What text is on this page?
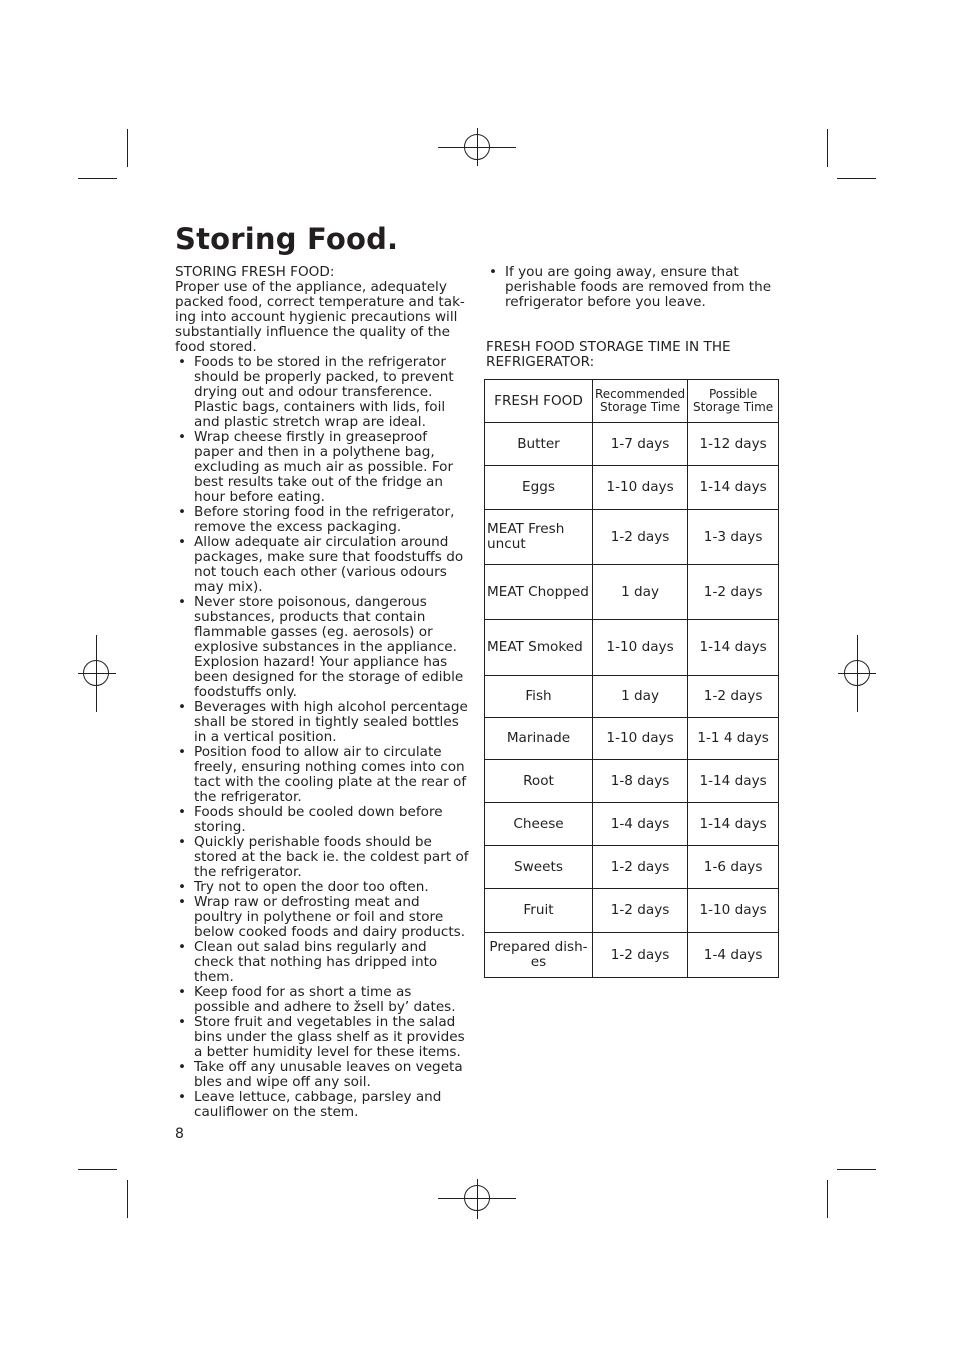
Storing Food.

STORING FRESH FOOD:

Proper use of the appliance, adequately packed food, correct temperature and tak-ing into account hygienic precautions will substantially influence the quality of the food stored.

• Foods to be stored in the refrigerator should be properly packed, to prevent drying out and odour transference. Plastic bags, containers with lids, foil and plastic stretch wrap are ideal.
• Wrap cheese firstly in greaseproof paper and then in a polythene bag, excluding as much air as possible. For best results take out of the fridge an hour before eating.
• Before storing food in the refrigerator, remove the excess packaging.
• Allow adequate air circulation around packages, make sure that foodstuffs do not touch each other (various odours may mix).
• Never store poisonous, dangerous substances, products that contain flammable gasses (eg. aerosols) or explosive substances in the appliance. Explosion hazard! Your appliance has been designed for the storage of edible foodstuffs only.
• Beverages with high alcohol percentage shall be stored in tightly sealed bottles in a vertical position.
• Position food to allow air to circulate freely, ensuring nothing comes into con tact with the cooling plate at the rear of the refrigerator.
• Foods should be cooled down before storing.
• Quickly perishable foods should be stored at the back ie. the coldest part of the refrigerator.
• Try not to open the door too often.
• Wrap raw or defrosting meat and poultry in polythene or foil and store below cooked foods and dairy products.
• Clean out salad bins regularly and check that nothing has dripped into them.
• Keep food for as short a time as possible and adhere to žsell by’ dates.
• Store fruit and vegetables in the salad bins under the glass shelf as it provides a better humidity level for these items.
• Take off any unusable leaves on vegeta bles and wipe off any soil.
• Leave lettuce, cabbage, parsley and cauliflower on the stem.
• If you are going away, ensure that perishable foods are removed from the refrigerator before you leave.
FRESH FOOD STORAGE TIME IN THE REFRIGERATOR:
FRESH FOOD	Recommended Storage Time	Possible Storage Time
Butter	1-7 days	1-12 days
Eggs	1-10 days	1-14 days
MEAT Fresh uncut	1-2 days	1-3 days
MEAT Chopped	1 day	1-2 days
MEAT Smoked	1-10 days	1-14 days
Fish	1 day	1-2 days
Marinade	1-10 days	1-1 4 days
Root	1-8 days	1-14 days
Cheese	1-4 days	1-14 days
Sweets	1-2 days	1-6 days
Fruit	1-2 days	1-10 days
Prepared dish-es	1-2 days	1-4 days
8
